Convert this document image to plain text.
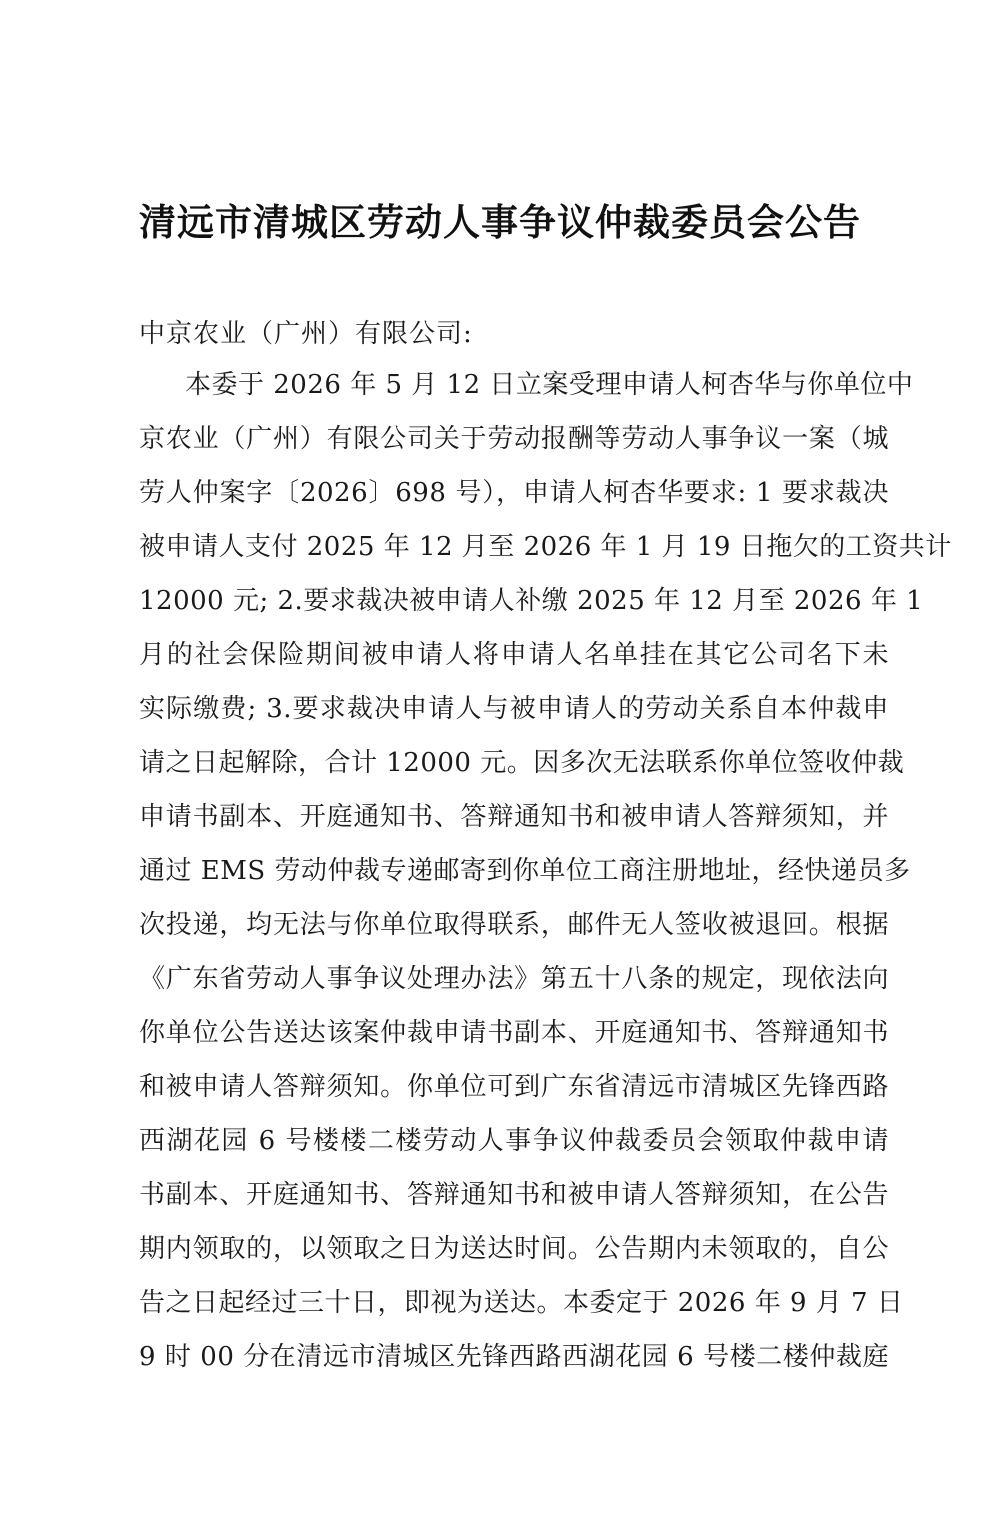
清远市清城区劳动人事争议仲裁委员会公告
中京农业（广州）有限公司:
本委于 2026 年 5 月 12 日立案受理申请人柯杏华与你单位中
京农业（广州）有限公司关于劳动报酬等劳动人事争议一案（城
劳人仲案字〔2026〕698 号），申请人柯杏华要求: 1 要求裁决
被申请人支付 2025 年 12 月至 2026 年 1 月 19 日拖欠的工资共计
12000 元; 2.要求裁决被申请人补缴 2025 年 12 月至 2026 年 1
月的社会保险期间被申请人将申请人名单挂在其它公司名下未
实际缴费; 3.要求裁决申请人与被申请人的劳动关系自本仲裁申
请之日起解除，合计 12000 元。因多次无法联系你单位签收仲裁
申请书副本、开庭通知书、答辩通知书和被申请人答辩须知，并
通过 EMS 劳动仲裁专递邮寄到你单位工商注册地址，经快递员多
次投递，均无法与你单位取得联系，邮件无人签收被退回。根据
《广东省劳动人事争议处理办法》第五十八条的规定，现依法向
你单位公告送达该案仲裁申请书副本、开庭通知书、答辩通知书
和被申请人答辩须知。你单位可到广东省清远市清城区先锋西路
西湖花园 6 号楼楼二楼劳动人事争议仲裁委员会领取仲裁申请
书副本、开庭通知书、答辩通知书和被申请人答辩须知，在公告
期内领取的，以领取之日为送达时间。公告期内未领取的，自公
告之日起经过三十日，即视为送达。本委定于 2026 年 9 月 7 日
9 时 00 分在清远市清城区先锋西路西湖花园 6 号楼二楼仲裁庭
